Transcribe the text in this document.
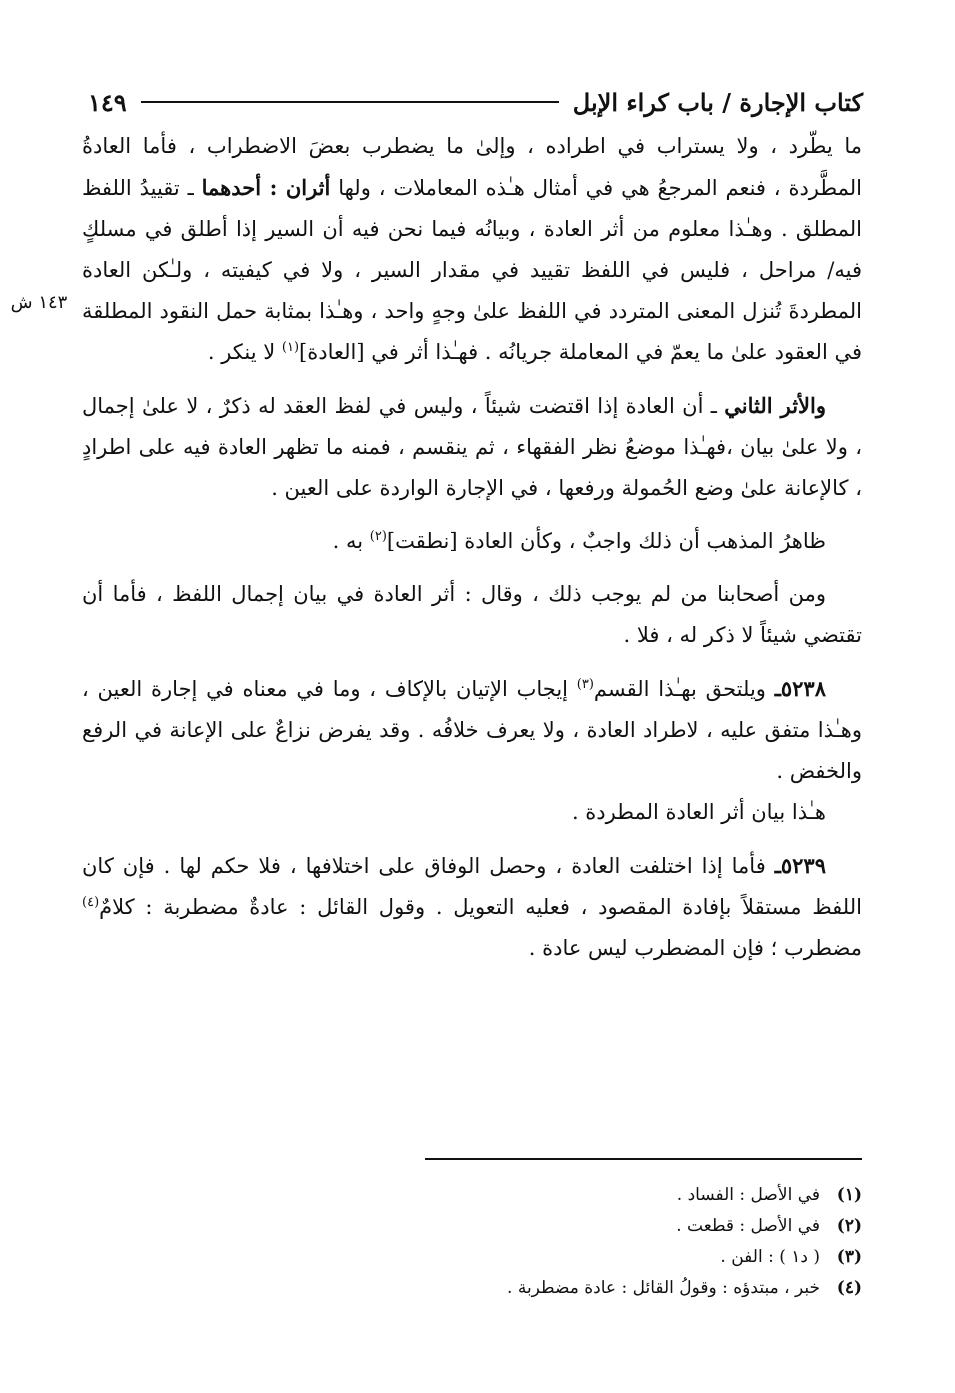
كتاب الإجارة / باب كراء الإبل
١٤٩
١٤٣ ش

ما يطّرد ، ولا يستراب في اطراده ، وإلىٰ ما يضطرب بعضَ الاضطراب ، فأما العادةُ المطَّردة ، فنعم المرجعُ هي في أمثال هـٰذه المعاملات ، ولها أثران : أحدهما ـ تقييدُ اللفظ المطلق . وهـٰذا معلوم من أثر العادة ، وبيانُه فيما نحن فيه أن السير إذا أطلق في مسلكٍ فيه/ مراحل ، فليس في اللفظ تقييد في مقدار السير ، ولا في كيفيته ، ولـٰكن العادة المطردةَ تُنزل المعنى المتردد في اللفظ علىٰ وجهٍ واحد ، وهـٰذا بمثابة حمل النقود المطلقة في العقود علىٰ ما يعمّ في المعاملة جريانُه . فهـٰذا أثر في [العادة]$^{(١)}$ لا ينكر .

والأثر الثاني ـ أن العادة إذا اقتضت شيئاً ، وليس في لفظ العقد له ذكرٌ ، لا علىٰ إجمال ، ولا علىٰ بيان ،فهـٰذا موضعُ نظر الفقهاء ، ثم ينقسم ، فمنه ما تظهر العادة فيه على اطرادٍ ، كالإعانة علىٰ وضع الحُمولة ورفعها ، في الإجارة الواردة على العين .

ظاهرُ المذهب أن ذلك واجبٌ ، وكأن العادة [نطقت]$^{(٢)}$ به .

ومن أصحابنا من لم يوجب ذلك ، وقال : أثر العادة في بيان إجمال اللفظ ، فأما أن تقتضي شيئاً لا ذكر له ، فلا .

٥٢٣٨ـ ويلتحق بهـٰذا القسم$^{(٣)}$ إيجاب الإتيان بالإكاف ، وما في معناه في إجارة العين ، وهـٰذا متفق عليه ، لاطراد العادة ، ولا يعرف خلافُه . وقد يفرض نزاعٌ على الإعانة في الرفع والخفض .

هـٰذا بيان أثر العادة المطردة .

٥٢٣٩ـ فأما إذا اختلفت العادة ، وحصل الوفاق على اختلافها ، فلا حكم لها . فإن كان اللفظ مستقلاً بإفادة المقصود ، فعليه التعويل . وقول القائل : عادةٌ مضطربة : كلامٌ$^{(٤)}$ مضطرب ؛ فإن المضطرب ليس عادة .

(١)
في الأصل : الفساد .
(٢)
في الأصل : قطعت .
(٣)
( د١ ) : الفن .
(٤)
خبر ، مبتدؤه : وقولُ القائل : عادة مضطربة .
